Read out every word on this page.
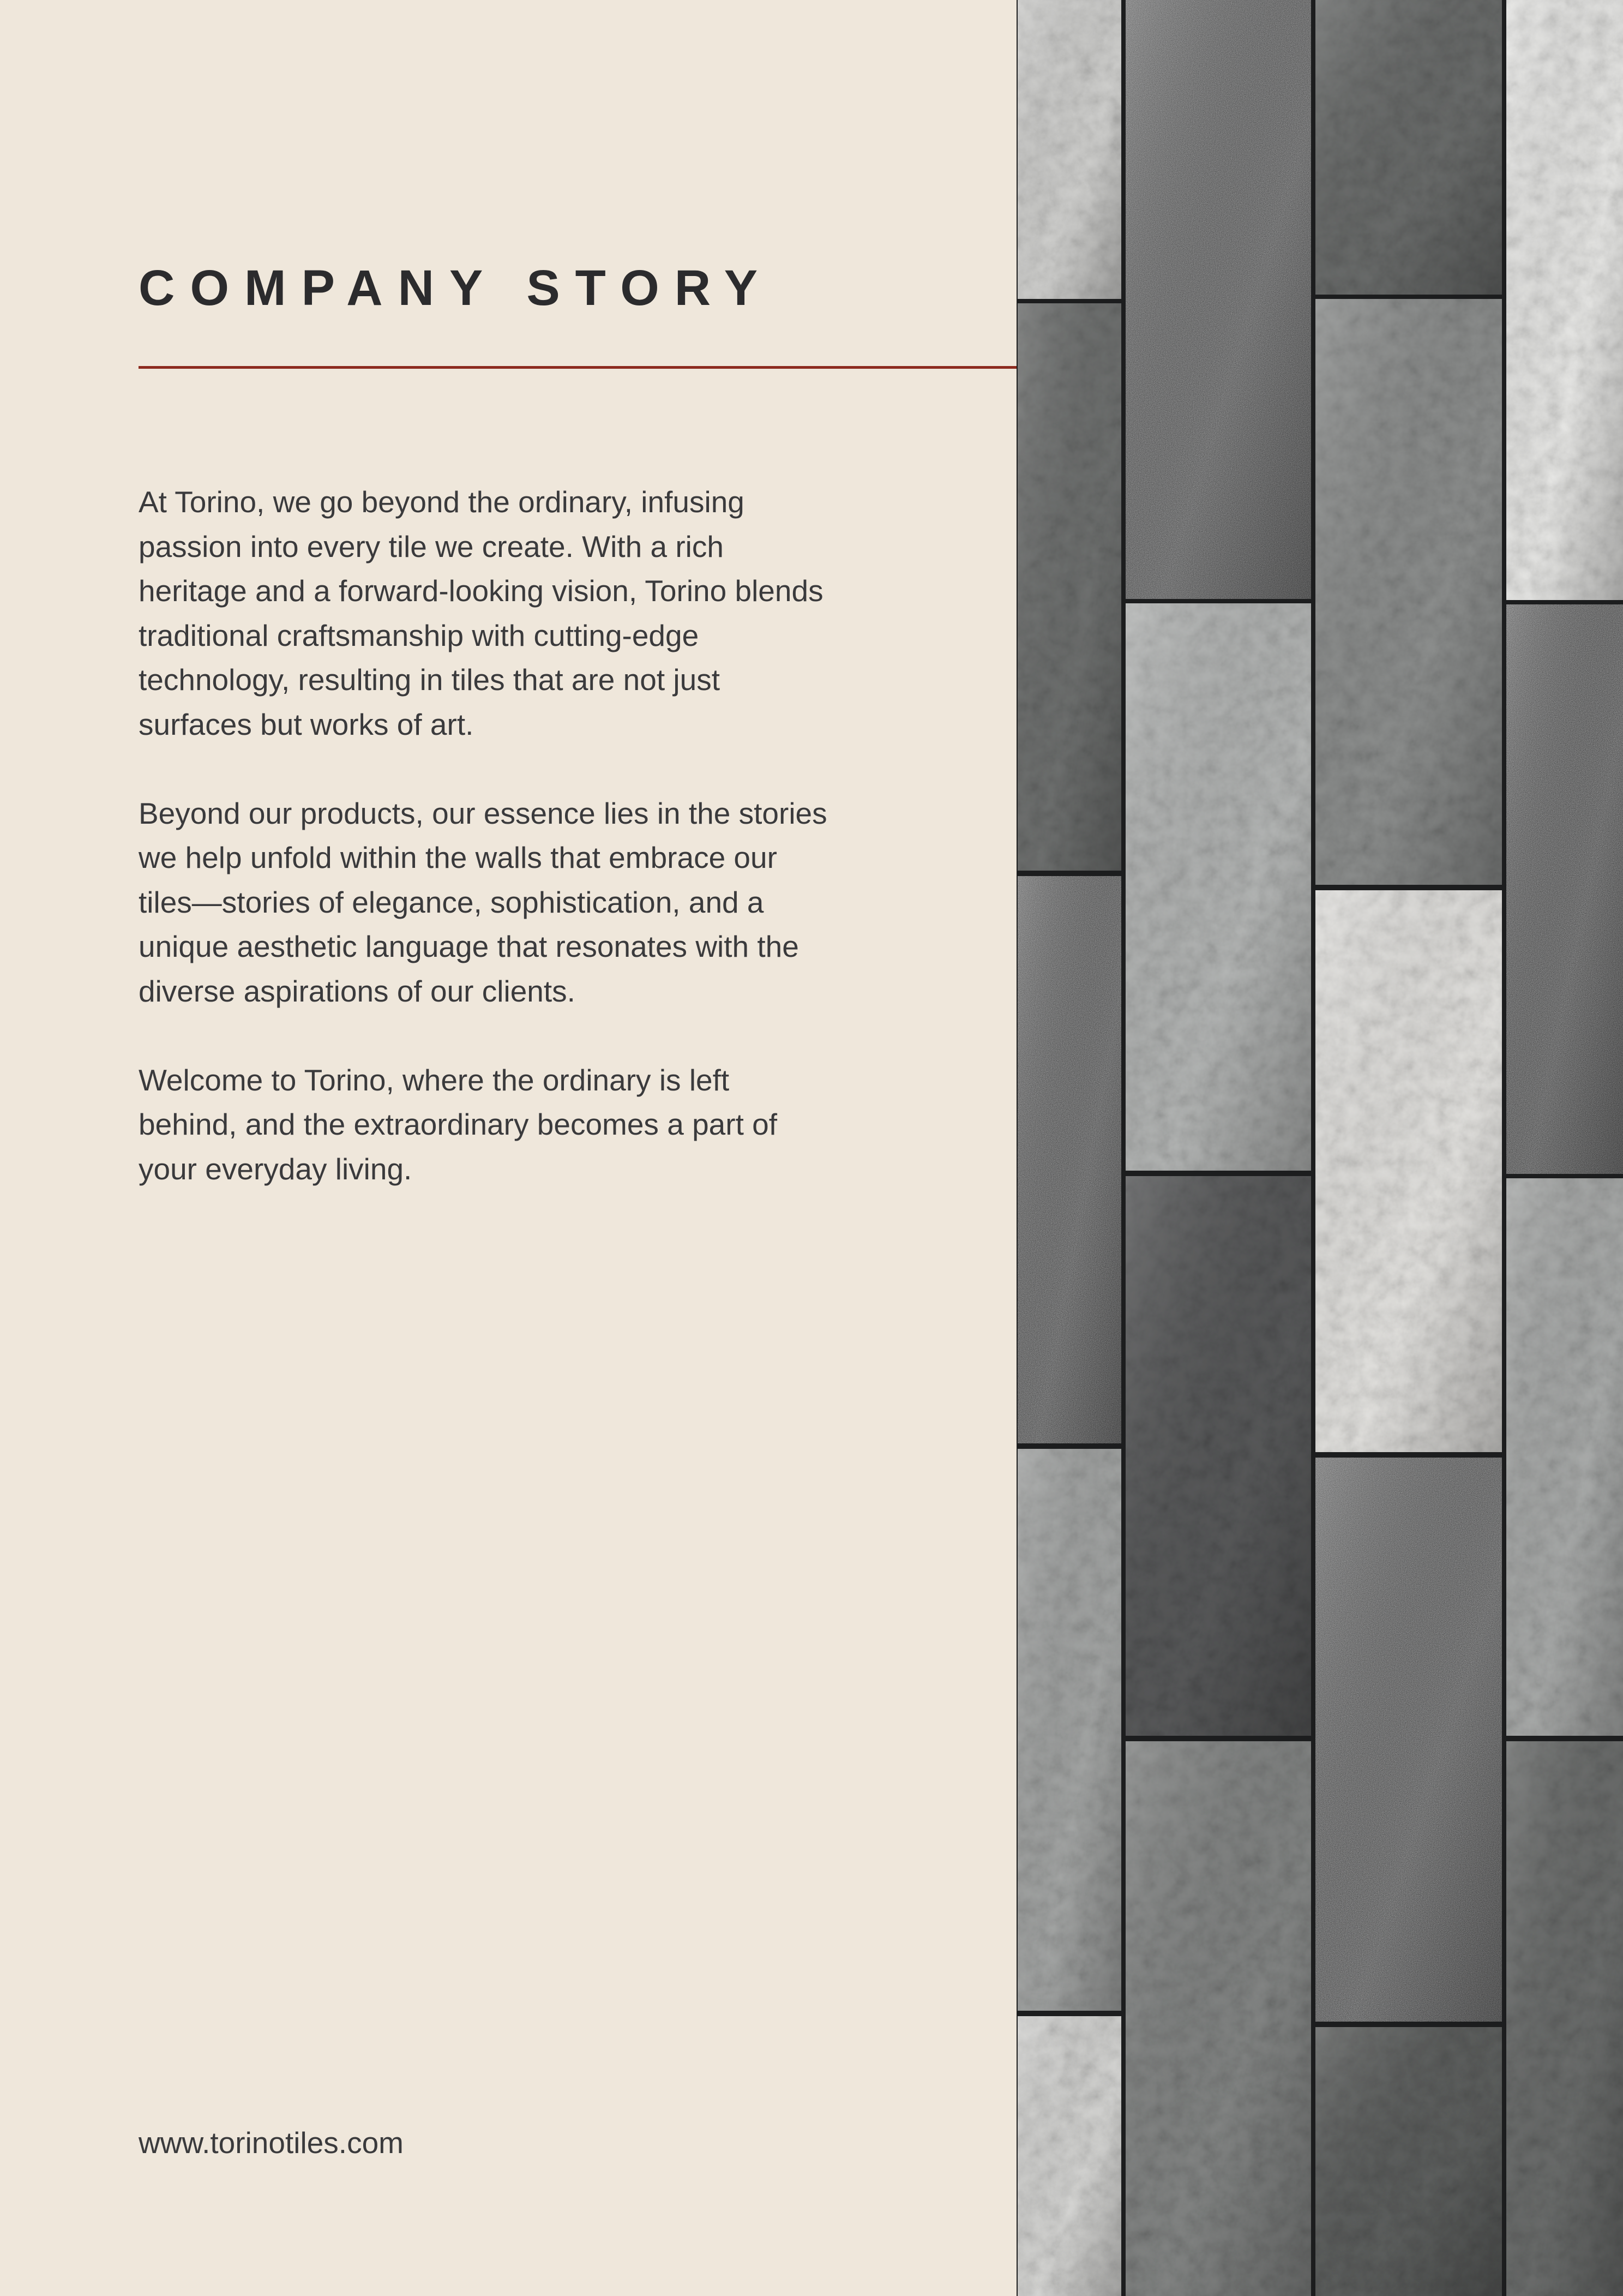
COMPANY STORY

At Torino, we go beyond the ordinary, infusing
passion into every tile we create. With a rich
heritage and a forward-looking vision, Torino blends
traditional craftsmanship with cutting-edge
technology, resulting in tiles that are not just
surfaces but works of art.

Beyond our products, our essence lies in the stories
we help unfold within the walls that embrace our
tiles—stories of elegance, sophistication, and a
unique aesthetic language that resonates with the
diverse aspirations of our clients.

Welcome to Torino, where the ordinary is left
behind, and the extraordinary becomes a part of
your everyday living.

www.torinotiles.com
